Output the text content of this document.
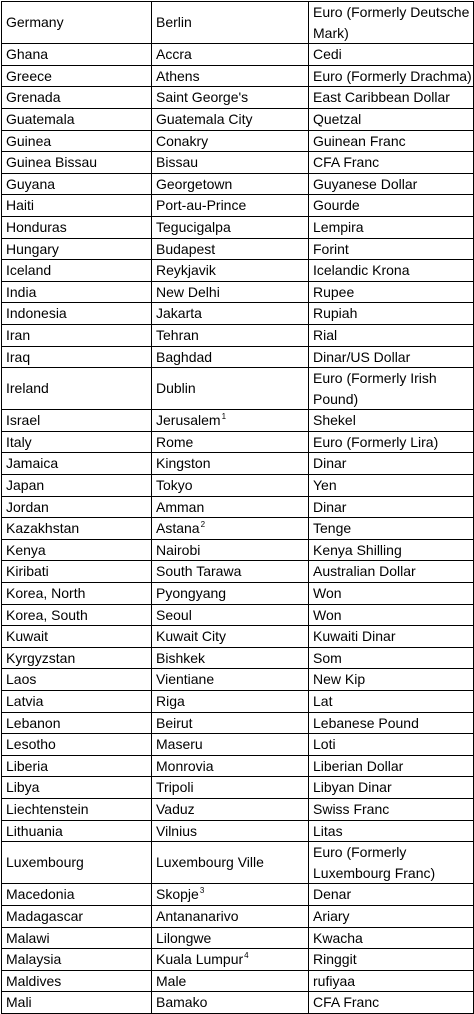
Germany	Berlin	Euro (Formerly Deutsche Mark)
Ghana	Accra	Cedi
Greece	Athens	Euro (Formerly Drachma)
Grenada	Saint George's	East Caribbean Dollar
Guatemala	Guatemala City	Quetzal
Guinea	Conakry	Guinean Franc
Guinea Bissau	Bissau	CFA Franc
Guyana	Georgetown	Guyanese Dollar
Haiti	Port-au-Prince	Gourde
Honduras	Tegucigalpa	Lempira
Hungary	Budapest	Forint
Iceland	Reykjavik	Icelandic Krona
India	New Delhi	Rupee
Indonesia	Jakarta	Rupiah
Iran	Tehran	Rial
Iraq	Baghdad	Dinar/US Dollar
Ireland	Dublin	Euro (Formerly Irish Pound)
Israel	Jerusalem$^1$	Shekel
Italy	Rome	Euro (Formerly Lira)
Jamaica	Kingston	Dinar
Japan	Tokyo	Yen
Jordan	Amman	Dinar
Kazakhstan	Astana$^2$	Tenge
Kenya	Nairobi	Kenya Shilling
Kiribati	South Tarawa	Australian Dollar
Korea, North	Pyongyang	Won
Korea, South	Seoul	Won
Kuwait	Kuwait City	Kuwaiti Dinar
Kyrgyzstan	Bishkek	Som
Laos	Vientiane	New Kip
Latvia	Riga	Lat
Lebanon	Beirut	Lebanese Pound
Lesotho	Maseru	Loti
Liberia	Monrovia	Liberian Dollar
Libya	Tripoli	Libyan Dinar
Liechtenstein	Vaduz	Swiss Franc
Lithuania	Vilnius	Litas
Luxembourg	Luxembourg Ville	Euro (Formerly Luxembourg Franc)
Macedonia	Skopje$^3$	Denar
Madagascar	Antananarivo	Ariary
Malawi	Lilongwe	Kwacha
Malaysia	Kuala Lumpur$^4$	Ringgit
Maldives	Male	rufiyaa
Mali	Bamako	CFA Franc
